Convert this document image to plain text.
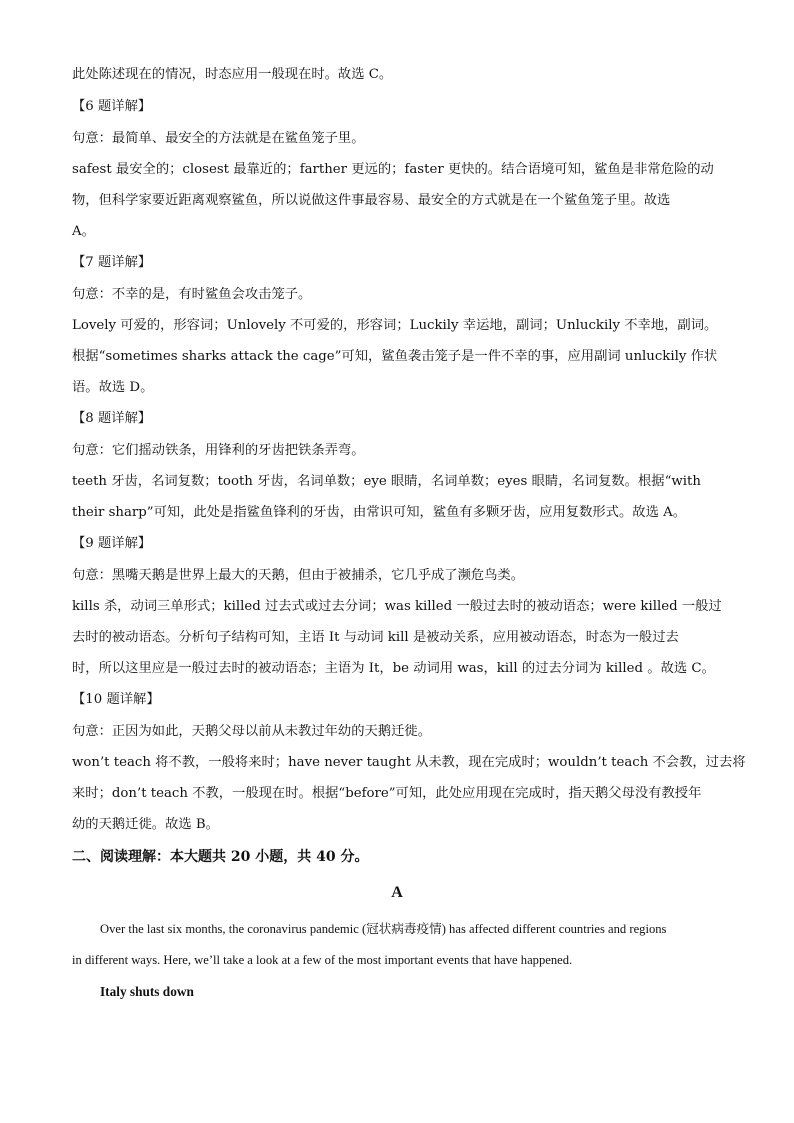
此处陈述现在的情况，时态应用一般现在时。故选 C。
【6 题详解】
句意：最简单、最安全的方法就是在鲨鱼笼子里。
safest 最安全的；closest 最靠近的；farther 更远的；faster 更快的。结合语境可知，鲨鱼是非常危险的动
物，但科学家要近距离观察鲨鱼，所以说做这件事最容易、最安全的方式就是在一个鲨鱼笼子里。故选
A。
【7 题详解】
句意：不幸的是，有时鲨鱼会攻击笼子。
Lovely 可爱的，形容词；Unlovely 不可爱的，形容词；Luckily 幸运地，副词；Unluckily 不幸地，副词。
根据“sometimes sharks attack the cage”可知，鲨鱼袭击笼子是一件不幸的事，应用副词 unluckily 作状
语。故选 D。
【8 题详解】
句意：它们摇动铁条，用锋利的牙齿把铁条弄弯。
teeth 牙齿，名词复数；tooth 牙齿，名词单数；eye 眼睛，名词单数；eyes 眼睛，名词复数。根据“with
their sharp”可知，此处是指鲨鱼锋利的牙齿，由常识可知，鲨鱼有多颗牙齿，应用复数形式。故选 A。
【9 题详解】
句意：黑嘴天鹅是世界上最大的天鹅，但由于被捕杀，它几乎成了濒危鸟类。
kills 杀，动词三单形式；killed 过去式或过去分词；was killed 一般过去时的被动语态；were killed 一般过
去时的被动语态。分析句子结构可知，主语 It 与动词 kill 是被动关系，应用被动语态，时态为一般过去
时，所以这里应是一般过去时的被动语态；主语为 It，be 动词用 was，kill 的过去分词为 killed 。故选 C。
【10 题详解】
句意：正因为如此，天鹅父母以前从未教过年幼的天鹅迁徙。
won’t teach 将不教，一般将来时；have never taught 从未教，现在完成时；wouldn’t teach 不会教，过去将
来时；don’t teach 不教，一般现在时。根据“before”可知，此处应用现在完成时，指天鹅父母没有教授年
幼的天鹅迁徙。故选 B。
二、阅读理解：本大题共 20 小题，共 40 分。
A
Over the last six months, the coronavirus pandemic (冠状病毒疫情) has affected different countries and regions
in different ways. Here, we’ll take a look at a few of the most important events that have happened.
Italy shuts down
